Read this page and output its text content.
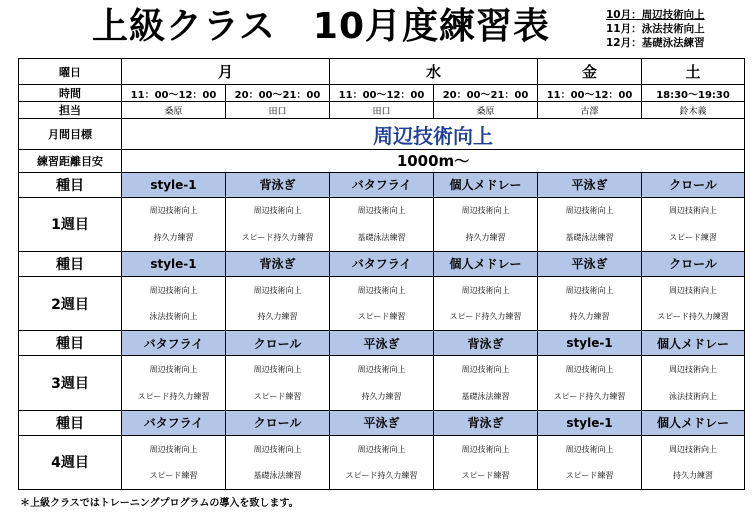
上級クラス　10月度練習表	10月：周辺技術向上
11月：泳法技術向上
12月：基礎泳法練習
曜日	月		水		金	土
時間	11：00～12：00	20：00～21：00	11：00～12：00	20：00～21：00	11：00～12：00	18:30～19:30
担当	桑原	田口	田口	桑原	古澤	鈴木義
月間目標	周辺技術向上					
練習距離目安	1000m～					
種目	style-1	背泳ぎ	バタフライ	個人メドレー	平泳ぎ	クロール
1週目	周辺技術向上	周辺技術向上	周辺技術向上	周辺技術向上	周辺技術向上	周辺技術向上
	持久力練習	スピード持久力練習	基礎泳法練習	持久力練習	基礎泳法練習	スピード練習
種目	style-1	背泳ぎ	バタフライ	個人メドレー	平泳ぎ	クロール
2週目	周辺技術向上	周辺技術向上	周辺技術向上	周辺技術向上	周辺技術向上	周辺技術向上
	泳法技術向上	持久力練習	スピード練習	スピード持久力練習	持久力練習	スピード持久力練習
種目	バタフライ	クロール	平泳ぎ	背泳ぎ	style-1	個人メドレー
3週目	周辺技術向上	周辺技術向上	周辺技術向上	周辺技術向上	周辺技術向上	周辺技術向上
	スピード持久力練習	スピード練習	持久力練習	基礎泳法練習	スピード持久力練習	泳法技術向上
種目	バタフライ	クロール	平泳ぎ	背泳ぎ	style-1	個人メドレー
4週目	周辺技術向上	周辺技術向上	周辺技術向上	周辺技術向上	周辺技術向上	周辺技術向上
	スピード練習	基礎泳法練習	スピード持久力練習	スピード練習	スピード練習	持久力練習
＊上級クラスではトレーニングプログラムの導入を致します。
